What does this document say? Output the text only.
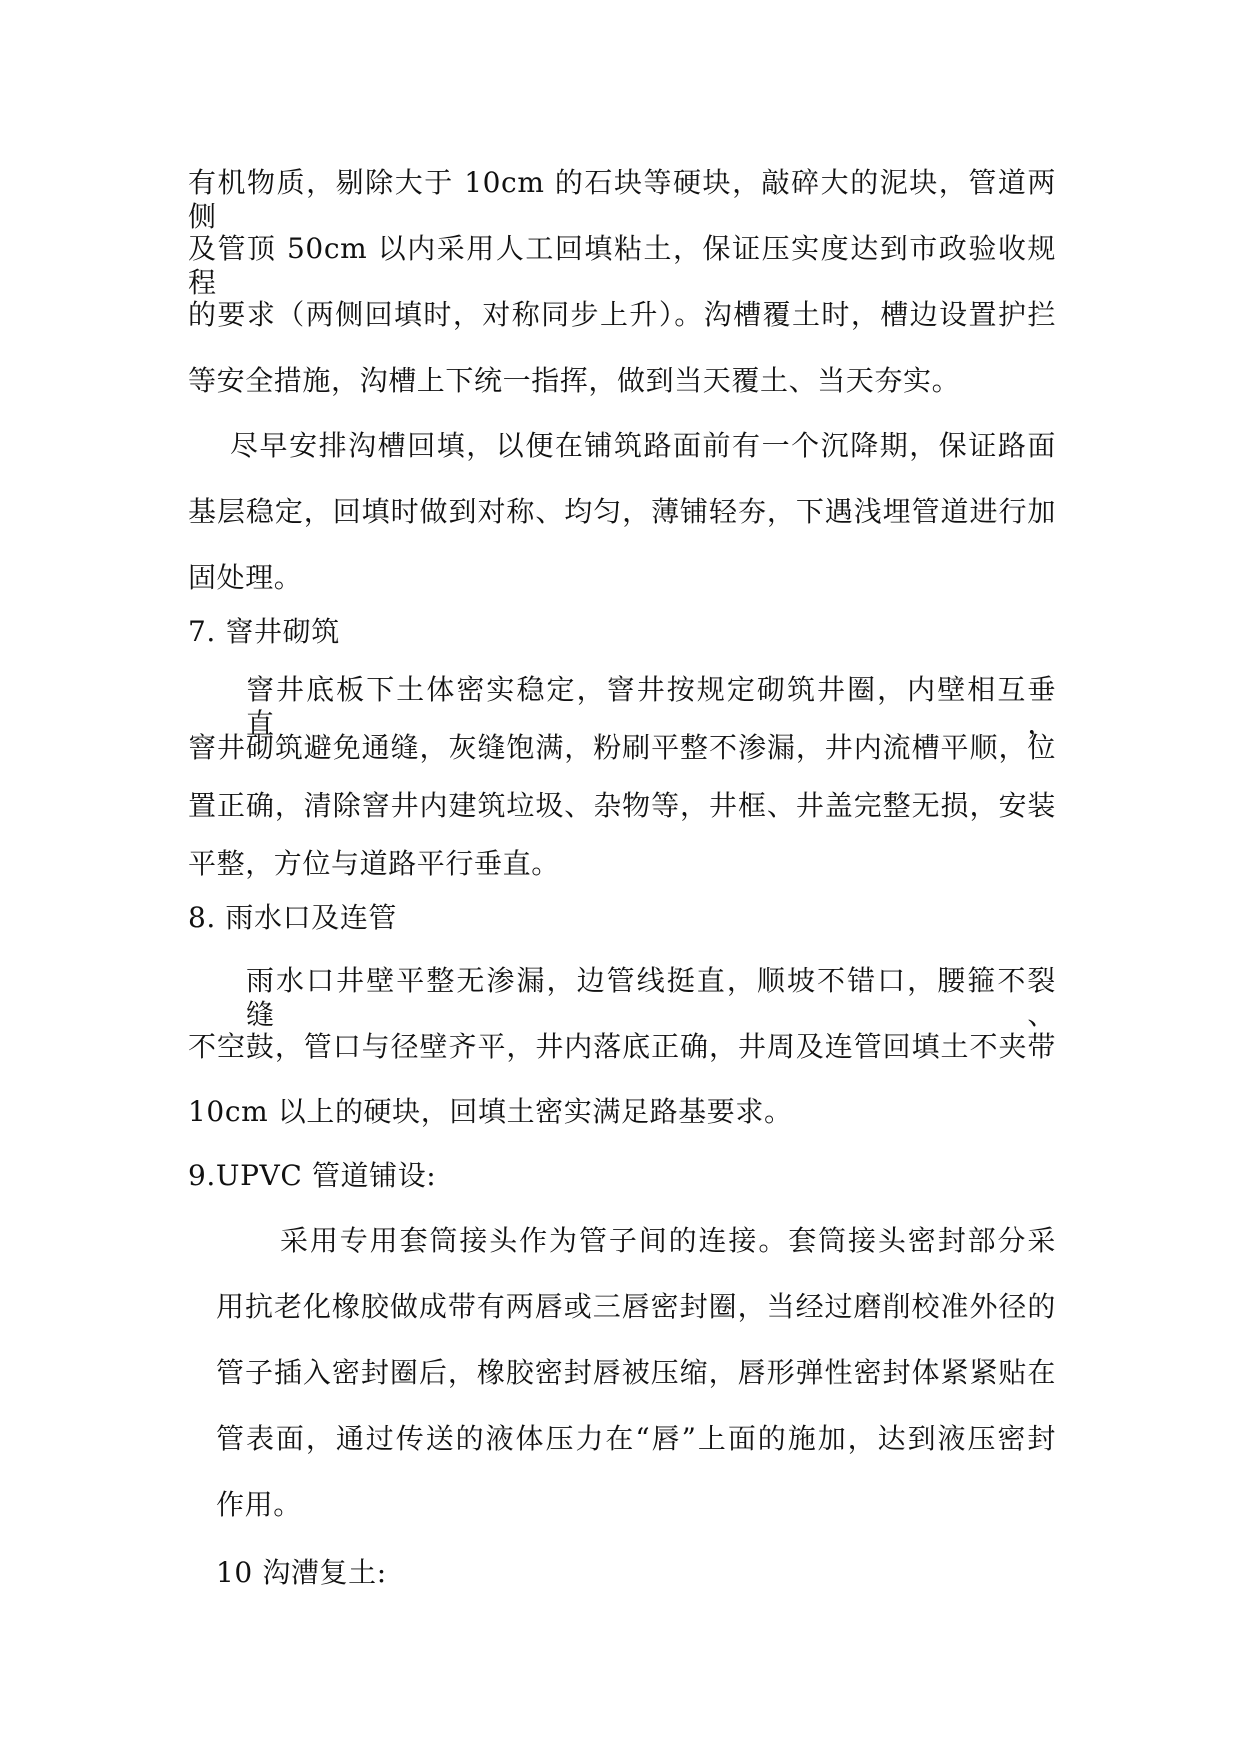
有机物质，剔除大于 10cm 的石块等硬块，敲碎大的泥块，管道两侧
及管顶 50cm 以内采用人工回填粘土，保证压实度达到市政验收规程
的要求（两侧回填时，对称同步上升）。沟槽覆土时，槽边设置护拦
等安全措施，沟槽上下统一指挥，做到当天覆土、当天夯实。
尽早安排沟槽回填，以便在铺筑路面前有一个沉降期，保证路面
基层稳定，回填时做到对称、均匀，薄铺轻夯，下遇浅埋管道进行加
固处理。
7. 窨井砌筑
窨井底板下土体密实稳定，窨井按规定砌筑井圈，内壁相互垂直，
窨井砌筑避免通缝，灰缝饱满，粉刷平整不渗漏，井内流槽平顺，位
置正确，清除窨井内建筑垃圾、杂物等，井框、井盖完整无损，安装
平整，方位与道路平行垂直。
8. 雨水口及连管
雨水口井壁平整无渗漏，边管线挺直，顺坡不错口，腰箍不裂缝、
不空鼓，管口与径壁齐平，井内落底正确，井周及连管回填土不夹带
10cm 以上的硬块，回填土密实满足路基要求。
9.UPVC 管道铺设:
采用专用套筒接头作为管子间的连接。套筒接头密封部分采
用抗老化橡胶做成带有两唇或三唇密封圈，当经过磨削校准外径的
管子插入密封圈后，橡胶密封唇被压缩，唇形弹性密封体紧紧贴在
管表面，通过传送的液体压力在“唇”上面的施加，达到液压密封
作用。
10 沟漕复土:
